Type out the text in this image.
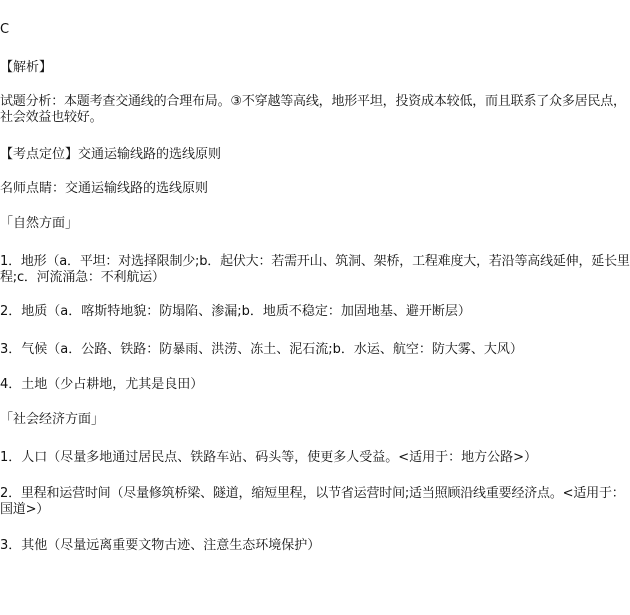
C

【解析】

试题分析：本题考查交通线的合理布局。③不穿越等高线，地形平坦，投资成本较低，而且联系了众多居民点，社会效益也较好。

【考点定位】交通运输线路的选线原则

名师点睛：交通运输线路的选线原则

「自然方面」

1．地形（a．平坦：对选择限制少;b．起伏大：若需开山、筑洞、架桥，工程难度大，若沿等高线延伸，延长里程;c．河流涌急：不利航运）

2．地质（a．喀斯特地貌：防塌陷、渗漏;b．地质不稳定：加固地基、避开断层）

3．气候（a．公路、铁路：防暴雨、洪涝、冻土、泥石流;b．水运、航空：防大雾、大风）

4．土地（少占耕地，尤其是良田）

「社会经济方面」

1．人口（尽量多地通过居民点、铁路车站、码头等，使更多人受益。<适用于：地方公路>）

2．里程和运营时间（尽量修筑桥梁、隧道，缩短里程，以节省运营时间;适当照顾沿线重要经济点。<适用于：国道>）

3．其他（尽量远离重要文物古迹、注意生态环境保护）
